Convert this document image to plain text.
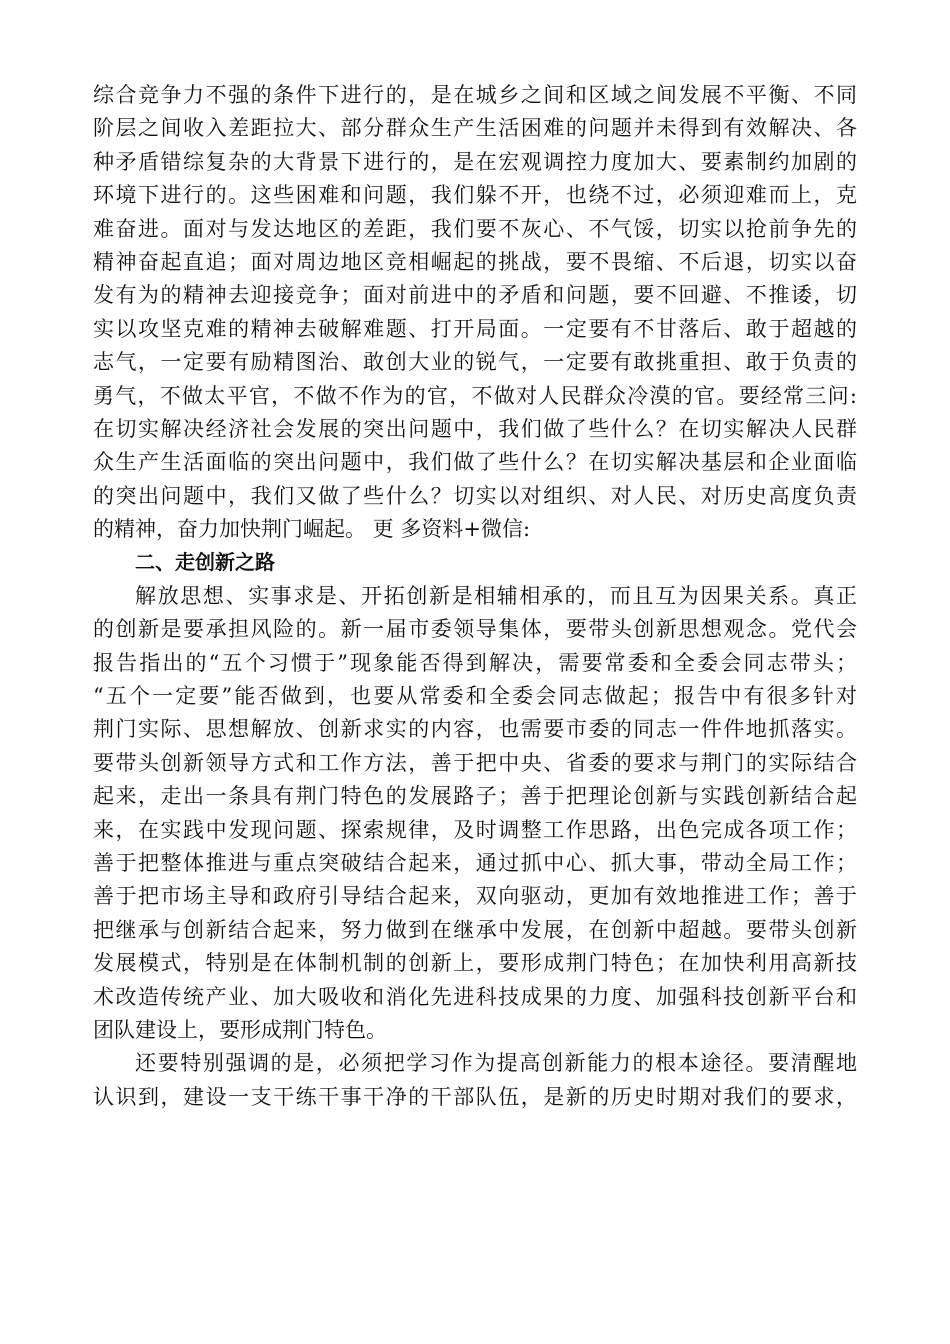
综合竞争力不强的条件下进行的，是在城乡之间和区域之间发展不平衡、不同
阶层之间收入差距拉大、部分群众生产生活困难的问题并未得到有效解决、各
种矛盾错综复杂的大背景下进行的，是在宏观调控力度加大、要素制约加剧的
环境下进行的。这些困难和问题，我们躲不开，也绕不过，必须迎难而上，克
难奋进。面对与发达地区的差距，我们要不灰心、不气馁，切实以抢前争先的
精神奋起直追；面对周边地区竞相崛起的挑战，要不畏缩、不后退，切实以奋
发有为的精神去迎接竞争；面对前进中的矛盾和问题，要不回避、不推诿，切
实以攻坚克难的精神去破解难题、打开局面。一定要有不甘落后、敢于超越的
志气，一定要有励精图治、敢创大业的锐气，一定要有敢挑重担、敢于负责的
勇气，不做太平官，不做不作为的官，不做对人民群众冷漠的官。要经常三问:
在切实解决经济社会发展的突出问题中，我们做了些什么？在切实解决人民群
众生产生活面临的突出问题中，我们做了些什么？在切实解决基层和企业面临
的突出问题中，我们又做了些什么？切实以对组织、对人民、对历史高度负责
的精神，奋力加快荆门崛起。 更 多资料+微信:
二、走创新之路
解放思想、实事求是、开拓创新是相辅相承的，而且互为因果关系。真正
的创新是要承担风险的。新一届市委领导集体，要带头创新思想观念。党代会
报告指出的“五个习惯于”现象能否得到解决，需要常委和全委会同志带头；
“五个一定要”能否做到，也要从常委和全委会同志做起；报告中有很多针对
荆门实际、思想解放、创新求实的内容，也需要市委的同志一件件地抓落实。
要带头创新领导方式和工作方法，善于把中央、省委的要求与荆门的实际结合
起来，走出一条具有荆门特色的发展路子；善于把理论创新与实践创新结合起
来，在实践中发现问题、探索规律，及时调整工作思路，出色完成各项工作；
善于把整体推进与重点突破结合起来，通过抓中心、抓大事，带动全局工作；
善于把市场主导和政府引导结合起来，双向驱动，更加有效地推进工作；善于
把继承与创新结合起来，努力做到在继承中发展，在创新中超越。要带头创新
发展模式，特别是在体制机制的创新上，要形成荆门特色；在加快利用高新技
术改造传统产业、加大吸收和消化先进科技成果的力度、加强科技创新平台和
团队建设上，要形成荆门特色。
还要特别强调的是，必须把学习作为提高创新能力的根本途径。要清醒地
认识到，建设一支干练干事干净的干部队伍，是新的历史时期对我们的要求，
